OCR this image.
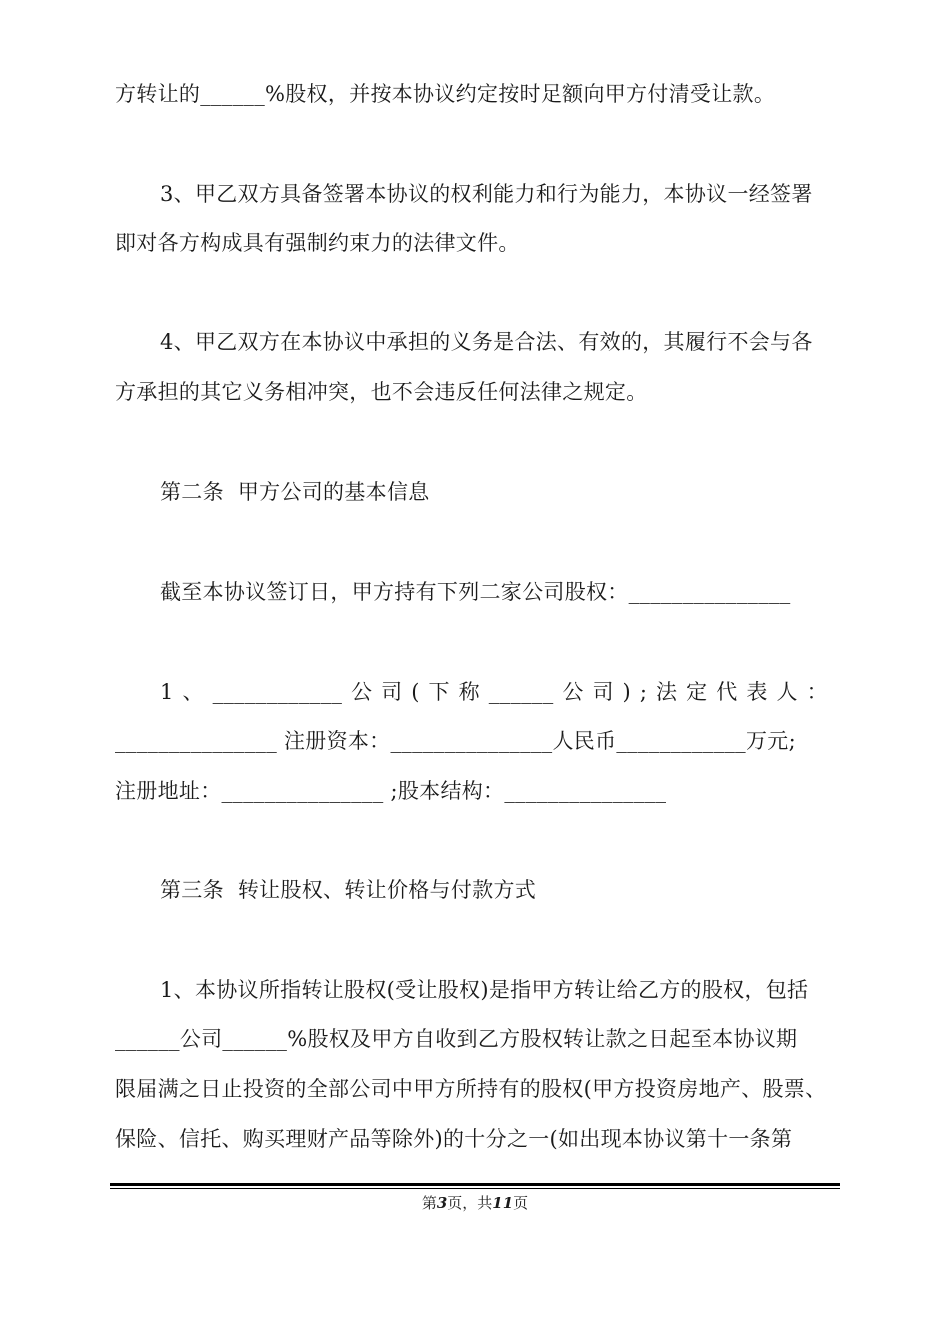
方转让的______%股权，并按本协议约定按时足额向甲方付清受让款。
3、甲乙双方具备签署本协议的权利能力和行为能力，本协议一经签署
即对各方构成具有强制约束力的法律文件。
4、甲乙双方在本协议中承担的义务是合法、有效的，其履行不会与各
方承担的其它义务相冲突，也不会违反任何法律之规定。
第二条  甲方公司的基本信息
截至本协议签订日，甲方持有下列二家公司股权：_______________
1 、 ____________ 公 司 ( 下 称 ______ 公 司 ) ; 法 定 代 表 人 ：
_______________ 注册资本：_______________人民币____________万元;
注册地址：_______________ ;股本结构：_______________
第三条  转让股权、转让价格与付款方式
1、本协议所指转让股权(受让股权)是指甲方转让给乙方的股权，包括
______公司______%股权及甲方自收到乙方股权转让款之日起至本协议期
限届满之日止投资的全部公司中甲方所持有的股权(甲方投资房地产、股票、
保险、信托、购买理财产品等除外)的十分之一(如出现本协议第十一条第
第3页，共11页
